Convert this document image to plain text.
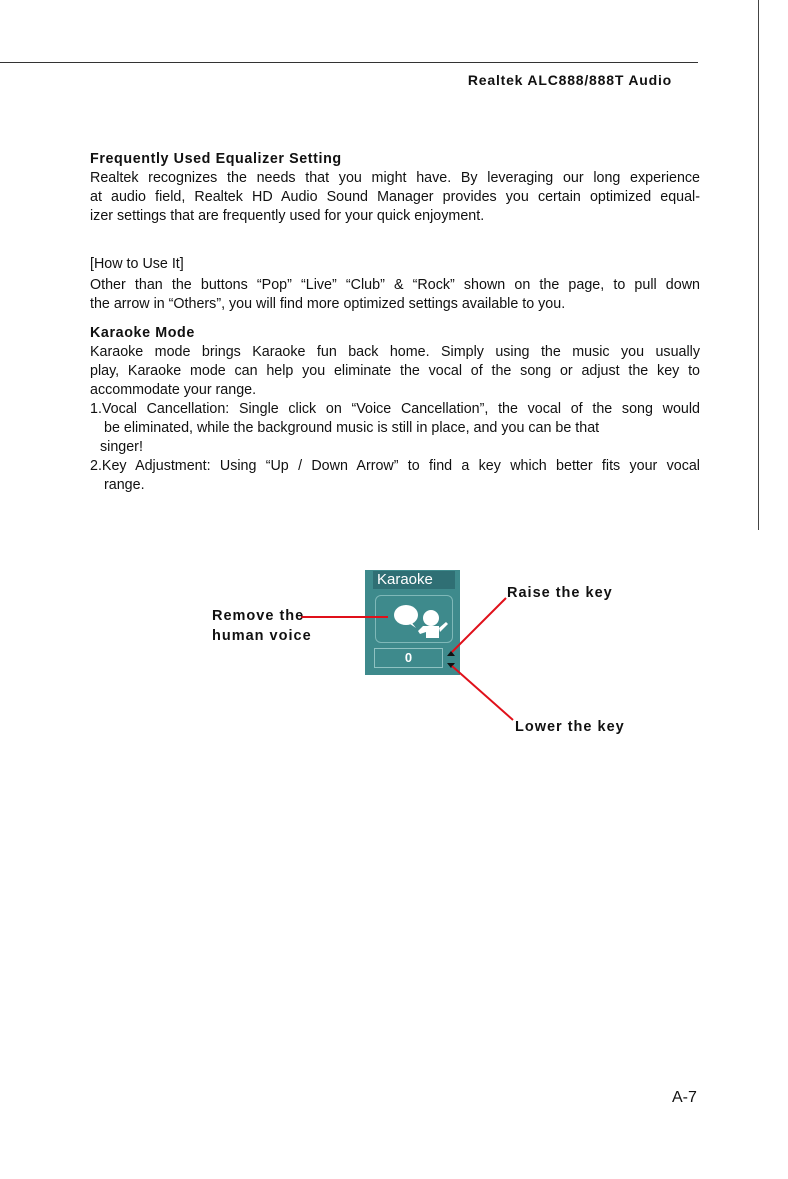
Realtek ALC888/888T Audio
Frequently Used Equalizer Setting
Realtek recognizes the needs that you might have. By leveraging our long experience
at audio field, Realtek HD Audio Sound Manager provides you certain optimized equal-
izer settings that are frequently used for your quick enjoyment.
[How to Use It]
Other than the buttons “Pop” “Live” “Club” & “Rock” shown on the page, to pull down
the arrow in “Others”, you will find more optimized settings available to you.
Karaoke Mode
Karaoke mode brings Karaoke fun back home. Simply using the music you usually
play, Karaoke mode can help you eliminate the vocal of the song or adjust the key to
accommodate your range.
1.Vocal Cancellation: Single click on “Voice Cancellation”, the vocal of the song would
be eliminated, while the background music is still in place, and you can be that
singer!
2.Key Adjustment: Using “Up / Down Arrow” to find a key which better fits your vocal
range.
Karaoke
0
Remove the
human voice
Raise the key
Lower the key
A-7
